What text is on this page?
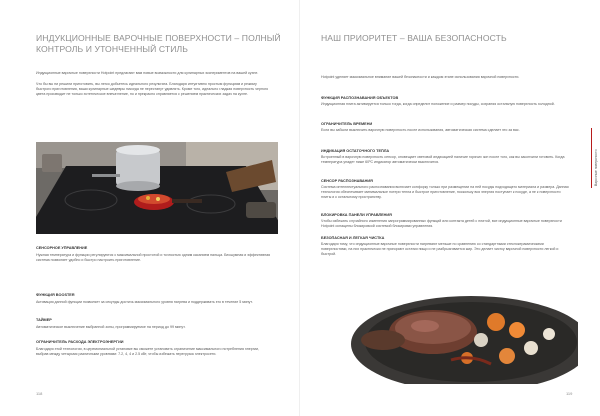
ИНДУКЦИОННЫЕ ВАРОЧНЫЕ ПОВЕРХНОСТИ – ПОЛНЫЙ КОНТРОЛЬ И УТОНЧЕННЫЙ СТИЛЬ

Индукционные варочные поверхности Hotpoint предлагают вам новые возможности для кулинарных экспериментов на вашей кухне.

Что бы вы ни решили приготовить, вы легко добьетесь идеального результата. Благодаря интуитивно простым функциям и режиму быстрого приготовления, ваши кулинарные шедевры никогда не перестанут удивлять. Кроме того, идеально гладкая поверхность черного цвета производит не только эстетическое впечатление, но и прекрасно справляется с решением практических задач на кухне.

СЕНСОРНОЕ УПРАВЛЕНИЕ

Нужная температура и функции регулируются с максимальной простотой и точностью одним касанием пальца. Бесшумная и эффективная система позволяет удобно и быстро настроить приготовление.

ФУНКЦИЯ BOOSTER

Активация данной функции позволяет за секунды достичь максимального уровня нагрева и поддерживать его в течение 5 минут.

ТАЙМЕР

Автоматическое выключение выбранной зоны, программируемое на период до 99 минут.

ОГРАНИЧИТЕЛЬ РАСХОДА ЭЛЕКТРОЭНЕРГИИ

Благодаря этой технологии, в церемониальной установке вы сможете установить ограничение максимального потребления энергии, выбрав между четырьмя различными уровнями: 7.2, 4, 4 и 2.5 кВт, чтобы избежать перегрузок электросети.

118
НАШ ПРИОРИТЕТ – ВАША БЕЗОПАСНОСТЬ

Hotpoint уделяет максимальное внимание вашей безопасности и каждом этапе использования варочной поверхности.

ФУНКЦИЯ РАСПОЗНАВАНИЯ ОБЪЕКТОВ

Индукционная плита активируется только тогда, когда определит положение и размер посуды, сохраняя остальную поверхность холодной.

ОГРАНИЧИТЕЛЬ ВРЕМЕНИ

Если вы забыли выключить варочную поверхность после использования, автоматическая система сделает это за вас.

ИНДИКАЦИЯ ОСТАТОЧНОГО ТЕПЛА

Встроенный в варочную поверхность сенсор, оповещает световой индикацией наличие горячих зон после того, как вы закончили готовить. Когда температура упадет ниже 60ºС индикатор автоматически выключится.

СЕНСОР РАСПОЗНАВАНИЯ

Система интеллектуального распознавания включает конфорку только при размещении на ней посуды подходящего материала и размера. Данная технология обеспечивает минимальные потери тепла и быстрое приготовление, поскольку вся энергия поступает к посуде, а не к поверхности плиты и к остальному пространству.

БЛОКИРОВКА ПАНЕЛИ УПРАВЛЕНИЯ

Чтобы избежать случайного изменения запрограммированных функций или контакта детей с плитой, все индукционные варочные поверхности Hotpoint оснащены блокировкой системой блокировки управления.

БЕЗОПАСНАЯ И ЛЕГКАЯ ЧИСТКА

Благодаря тому, что индукционные варочные поверхности нагревают меньше по сравнению со стандартными стеклокерамическими поверхностями, на них практически не пригорают остатки пищи и не разбрызгивается жир. Это делает чистку варочной поверхности легкой и быстрой.

Варочные поверхности
119
